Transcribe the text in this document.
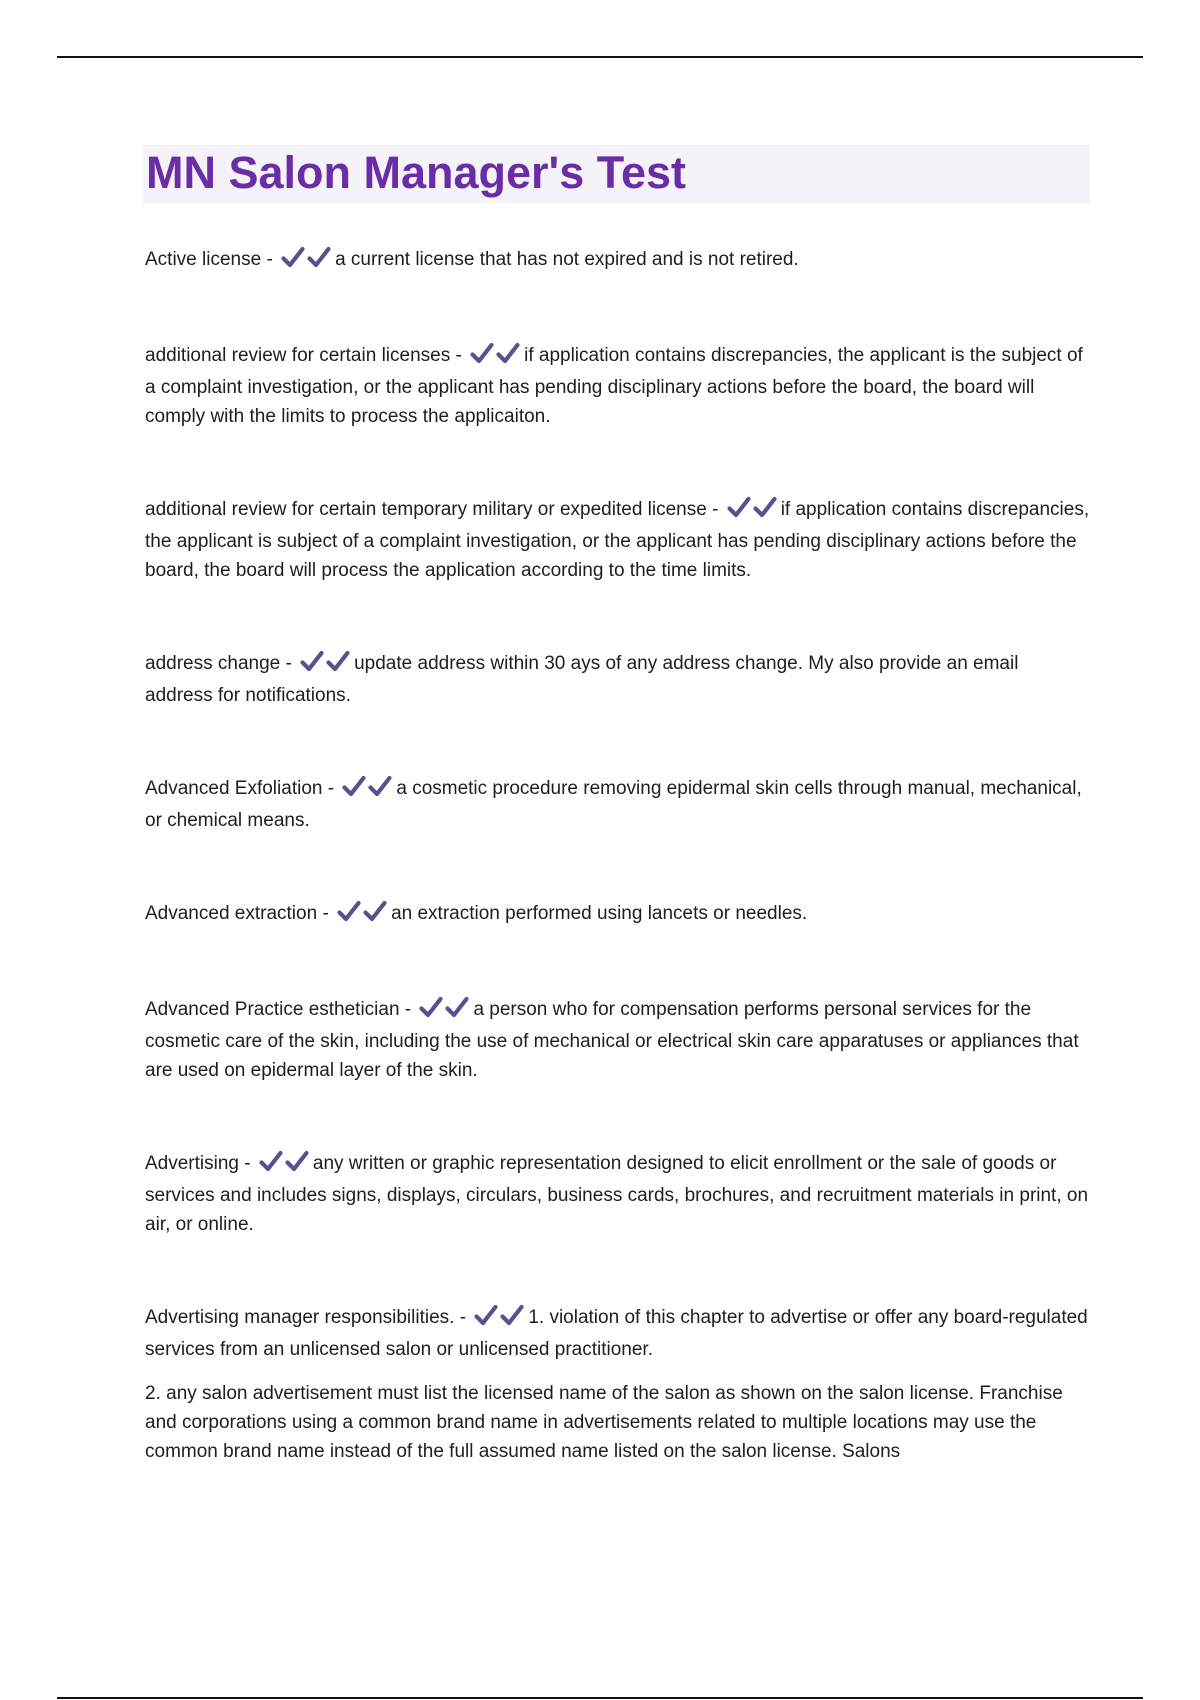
MN Salon Manager's Test

Active license -	a current license that has not expired and is not retired.

additional review for certain licenses -	if application contains discrepancies, the applicant is the subject of a complaint investigation, or the applicant has pending disciplinary actions before the board, the board will comply with the limits to process the applicaiton.

additional review for certain temporary military or expedited license -	if application contains discrepancies, the applicant is subject of a complaint investigation, or the applicant has pending disciplinary actions before the board, the board will process the application according to the time limits.

address change -	update address within 30 ays of any address change. My also provide an email address for notifications.

Advanced Exfoliation -	a cosmetic procedure removing epidermal skin cells through manual, mechanical, or chemical means.

Advanced extraction -	an extraction performed using lancets or needles.

Advanced Practice esthetician -	a person who for compensation performs personal services for the cosmetic care of the skin, including the use of mechanical or electrical skin care apparatuses or appliances that are used on epidermal layer of the skin.

Advertising -	any written or graphic representation designed to elicit enrollment or the sale of goods or services and includes signs, displays, circulars, business cards, brochures, and recruitment materials in print, on air, or online.

Advertising manager responsibilities. -	1. violation of this chapter to advertise or offer any board-regulated services from an unlicensed salon or unlicensed practitioner.

2. any salon advertisement must list the licensed name of the salon as shown on the salon license. Franchise and corporations using a common brand name in advertisements related to multiple locations may use the common brand name instead of the full assumed name listed on the salon license. Salons
